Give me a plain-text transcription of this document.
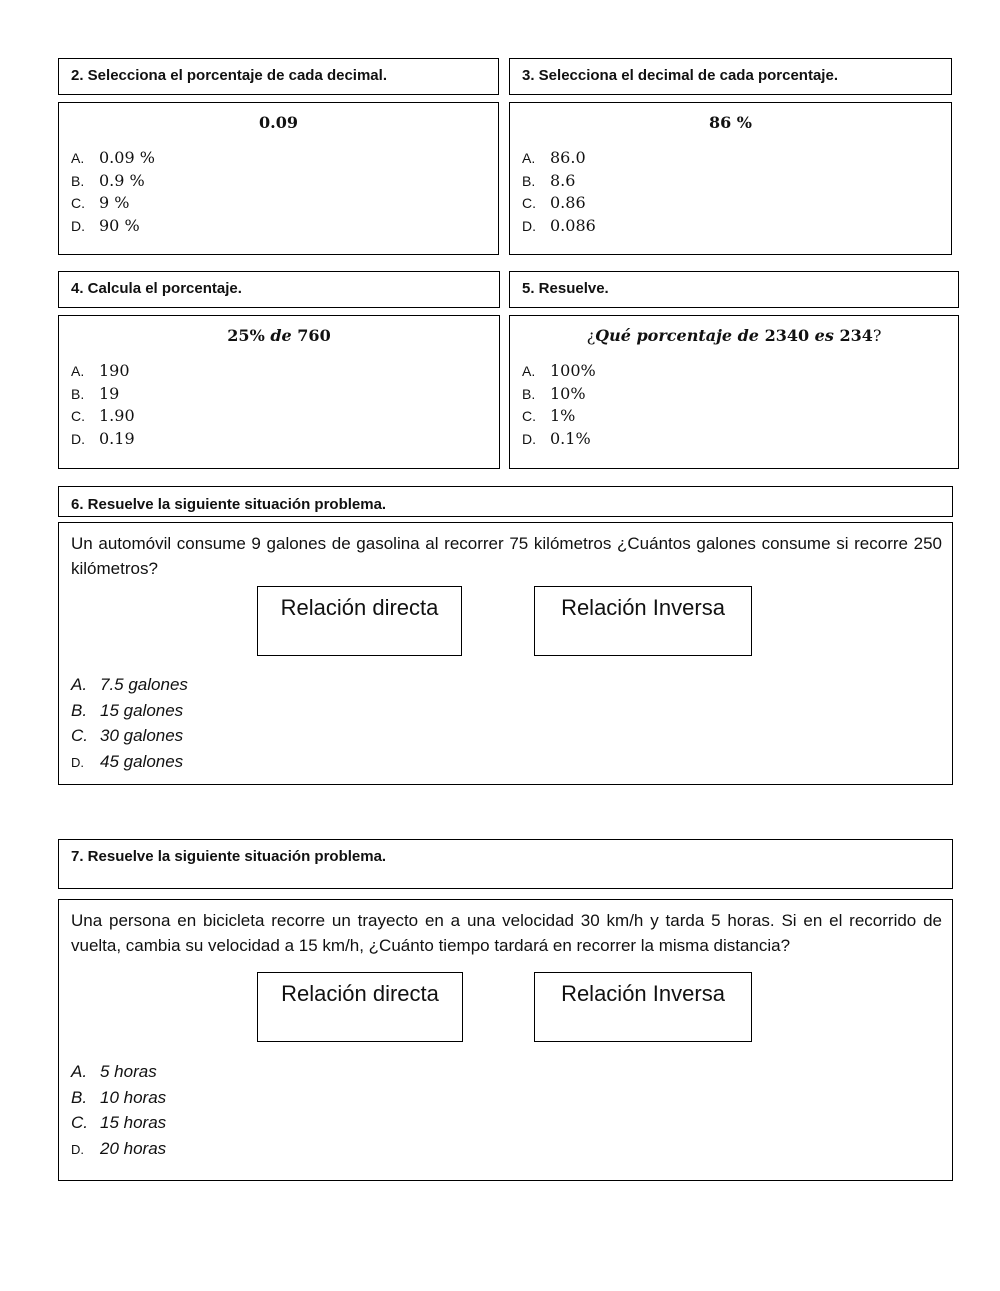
2. Selecciona el porcentaje de cada decimal.
0.09
A. 0.09 %
B. 0.9 %
C. 9 %
D. 90 %
3. Selecciona el decimal de cada porcentaje.
86 %
A. 86.0
B. 8.6
C. 0.86
D. 0.086
4. Calcula el porcentaje.
25% de 760
A. 190
B. 19
C. 1.90
D. 0.19
5. Resuelve.
¿Qué porcentaje de 2340 es 234?
A. 100%
B. 10%
C. 1%
D. 0.1%
6. Resuelve la siguiente situación problema.
Un automóvil consume 9 galones de gasolina al recorrer 75 kilómetros ¿Cuántos galones consume si recorre 250 kilómetros?
Relación directa	Relación Inversa
A. 7.5 galones
B. 15 galones
C. 30 galones
D. 45 galones
7. Resuelve la siguiente situación problema.
Una persona en bicicleta recorre un trayecto en a una velocidad 30 km/h y tarda 5 horas. Si en el recorrido de vuelta, cambia su velocidad a 15 km/h, ¿Cuánto tiempo tardará en recorrer la misma distancia?
Relación directa	Relación Inversa
A. 5 horas
B. 10 horas
C. 15 horas
D. 20 horas
